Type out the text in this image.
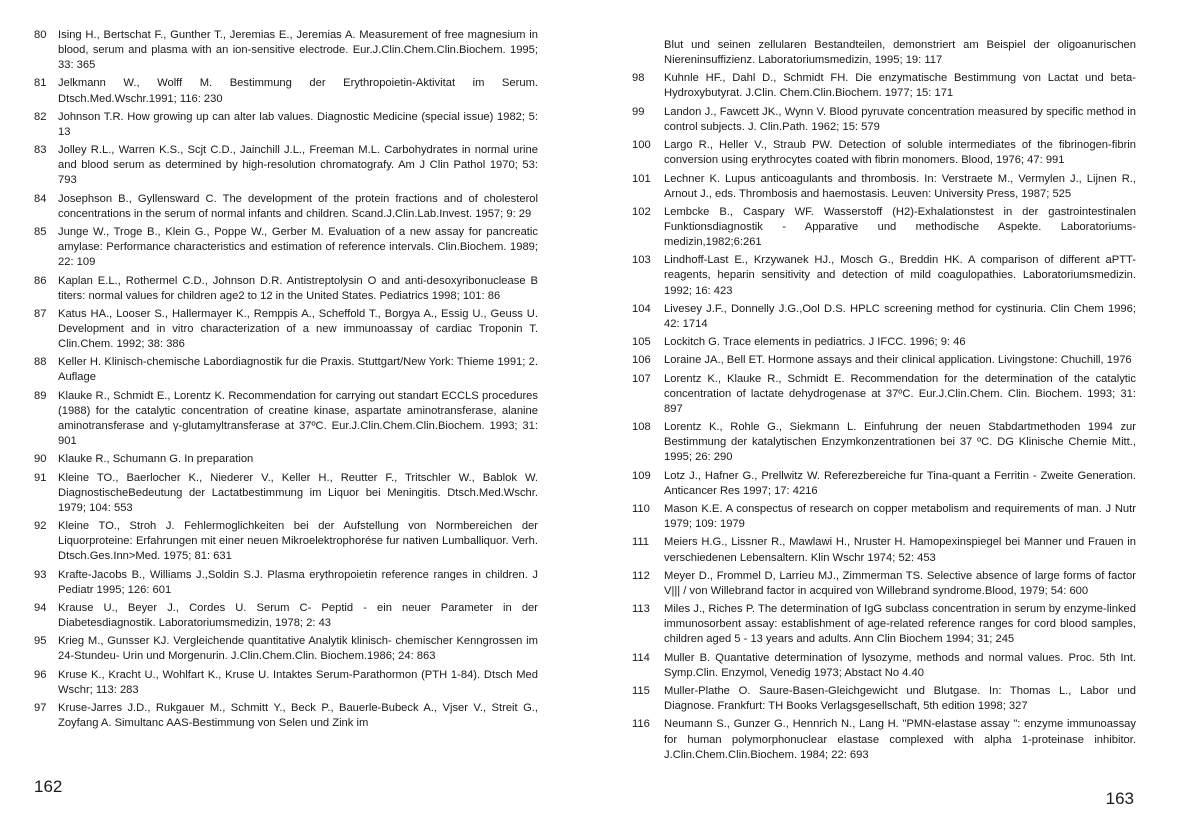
80	Ising H., Bertschat F., Gunther T., Jeremias E., Jeremias A. Measurement of free magnesium in blood, serum and plasma with an ion-sensitive electrode. Eur.J.Clin.Chem.Clin.Biochem. 1995; 33: 365
81	Jelkmann W., Wolff M. Bestimmung der Erythropoietin-Aktivitat im Serum. Dtsch.Med.Wschr.1991; 116: 230
82	Johnson T.R. How growing up can alter lab values. Diagnostic Medicine (special issue) 1982; 5: 13
83	Jolley R.L., Warren K.S., Scjt C.D., Jainchill J.L., Freeman M.L. Carbohydrates in normal urine and blood serum as determined by high-resolution chromatografy. Am J Clin Pathol 1970; 53: 793
84	Josephson B., Gyllensward C. The development of the protein fractions and of cholesterol concentrations in the serum of normal infants and children. Scand.J.Clin.Lab.Invest. 1957; 9: 29
85	Junge W., Troge B., Klein G., Poppe W., Gerber M. Evaluation of a new assay for pancreatic amylase: Performance characteristics and estimation of reference intervals. Clin.Biochem. 1989; 22: 109
86	Kaplan E.L., Rothermel C.D., Johnson D.R. Antistreptolysin O and anti-desoxyribonuclease B titers: normal values for children age2 to 12 in the United States. Pediatrics 1998; 101: 86
87	Katus HA., Looser S., Hallermayer K., Remppis A., Scheffold T., Borgya A., Essig U., Geuss U. Development and in vitro characterization of a new immunoassay of cardiac Troponin T. Clin.Chem. 1992; 38: 386
88	Keller H. Klinisch-chemische Labordiagnostik fur die Praxis. Stuttgart/New York: Thieme 1991; 2. Auflage
89	Klauke R., Schmidt E., Lorentz K. Recommendation for carrying out standart ECCLS procedures (1988) for the catalytic concentration of creatine kinase, aspartate aminotransferase, alanine aminotransferase and γ-glutamyltransferase at 37ºC. Eur.J.Clin.Chem.Clin.Biochem. 1993; 31: 901
90	Klauke R., Schumann G. In preparation
91	Kleine TO., Baerlocher K., Niederer V., Keller H., Reutter F., Tritschler W., Bablok W. DiagnostischeBedeutung der Lactatbestimmung im Liquor bei Meningitis. Dtsch.Med.Wschr. 1979; 104: 553
92	Kleine TO., Stroh J. Fehlermoglichkeiten bei der Aufstellung von Normbereichen der Liquorproteine: Erfahrungen mit einer neuen Mikroelektrophorése fur nativen Lumballiquor. Verh. Dtsch.Ges.Inn>Med. 1975; 81: 631
93	Krafte-Jacobs B., Williams J.,Soldin S.J. Plasma erythropoietin reference ranges in children. J Pediatr 1995; 126: 601
94	Krause U., Beyer J., Cordes U. Serum C- Peptid - ein neuer Parameter in der Diabetesdiagnostik. Laboratoriumsmedizin, 1978; 2: 43
95	Krieg M., Gunsser KJ. Vergleichende quantitative Analytik klinisch- chemischer Kenngrossen im 24-Stundeu- Urin und Morgenurin. J.Clin.Chem.Clin. Biochem.1986; 24: 863
96	Kruse K., Kracht U., Wohlfart K., Kruse U. Intaktes Serum-Parathormon (PTH 1-84). Dtsch Med Wschr; 113: 283
97	Kruse-Jarres J.D., Rukgauer M., Schmitt Y., Beck P., Bauerle-Bubeck A., Vjser V., Streit G., Zoyfang A. Simultanc AAS-Bestimmung von Selen und Zink im
162

Blut und seinen zellularen Bestandteilen, demonstriert am Beispiel der oligoanurischen Niereninsuffizienz. Laboratoriumsmedizin, 1995; 19: 117

98	Kuhnle HF., Dahl D., Schmidt FH. Die enzymatische Bestimmung von Lactat und beta-Hydroxybutyrat. J.Clin. Chem.Clin.Biochem. 1977; 15: 171
99	Landon J., Fawcett JK., Wynn V. Blood pyruvate concentration measured by specific method in control subjects. J. Clin.Path. 1962; 15: 579
100	Largo R., Heller V., Straub PW. Detection of soluble intermediates of the fibrinogen-fibrin conversion using erythrocytes coated with fibrin monomers. Blood, 1976; 47: 991
101	Lechner K. Lupus anticoagulants and thrombosis. In: Verstraete M., Vermylen J., Lijnen R., Arnout J., eds. Thrombosis and haemostasis. Leuven: University Press, 1987; 525
102	Lembcke B., Caspary WF. Wasserstoff (H2)-Exhalationstest in der gastrointestinalen Funktionsdiagnostik - Apparative und methodische Aspekte. Laboratoriums-medizin,1982;6:261
103	Lindhoff-Last E., Krzywanek HJ., Mosch G., Breddin HK. A comparison of different aPTT-reagents, heparin sensitivity and detection of mild coagulopathies. Laboratoriumsmedizin. 1992; 16: 423
104	Livesey J.F., Donnelly J.G.,Ool D.S. HPLC screening method for cystinuria. Clin Chem 1996; 42: 1714
105	Lockitch G. Trace elements in pediatrics. J IFCC. 1996; 9: 46
106	Loraine JA., Bell ET. Hormone assays and their clinical application. Livingstone: Chuchill, 1976
107	Lorentz K., Klauke R., Schmidt E. Recommendation for the determination of the catalytic concentration of lactate dehydrogenase at 37ºC. Eur.J.Clin.Chem. Clin. Biochem. 1993; 31: 897
108	Lorentz K., Rohle G., Siekmann L. Einfuhrung der neuen Stabdartmethoden 1994 zur Bestimmung der katalytischen Enzymkonzentrationen bei 37 ºC. DG Klinische Chemie Mitt., 1995; 26: 290
109	Lotz J., Hafner G., Prellwitz W. Referezbereiche fur Tina-quant a Ferritin - Zweite Generation. Anticancer Res 1997; 17: 4216
110	Mason K.E. A conspectus of research on copper metabolism and requirements of man. J Nutr 1979; 109: 1979
111	Meiers H.G., Lissner R., Mawlawi H., Nruster H. Hamopexinspiegel bei Manner und Frauen in verschiedenen Lebensaltern. Klin Wschr 1974; 52: 453
112	Meyer D., Frommel D, Larrieu MJ., Zimmerman TS. Selective absence of large forms of factor V||| / von Willebrand factor in acquired von Willebrand syndrome.Blood, 1979; 54: 600
113	Miles J., Riches P. The determination of IgG subclass concentration in serum by enzyme-linked immunosorbent assay: establishment of age-related reference ranges for cord blood samples, children aged 5 - 13 years and adults. Ann Clin Biochem 1994; 31; 245
114	Muller B. Quantative determination of lysozyme, methods and normal values. Proc. 5th Int. Symp.Clin. Enzymol, Venedig 1973; Abstact No 4.40
115	Muller-Plathe O. Saure-Basen-Gleichgewicht und Blutgase. In: Thomas L., Labor und Diagnose. Frankfurt: TH Books Verlagsgesellschaft, 5th edition 1998; 327
116	Neumann S., Gunzer G., Hennrich N., Lang H. "PMN-elastase assay ": enzyme immunoassay for human polymorphonuclear elastase complexed with alpha 1-proteinase inhibitor. J.Clin.Chem.Clin.Biochem. 1984; 22: 693
163
